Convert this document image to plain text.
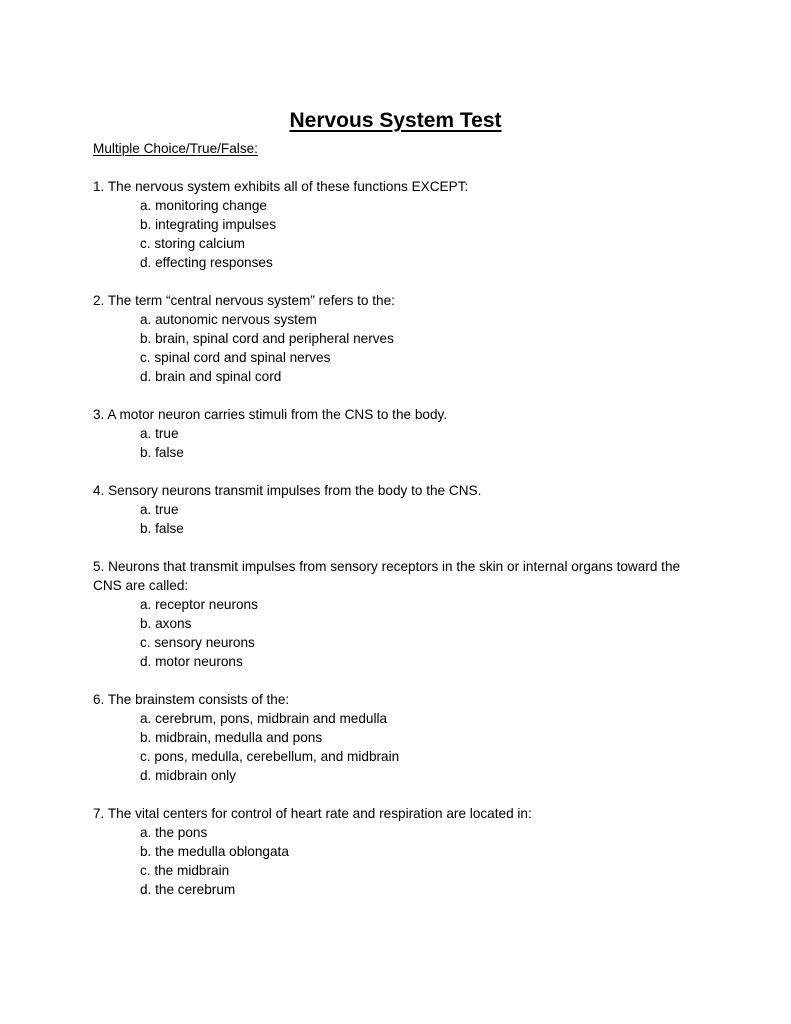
Nervous System Test
Multiple Choice/True/False:

1. The nervous system exhibits all of these functions EXCEPT:

a. monitoring change
b. integrating impulses
c. storing calcium
d. effecting responses

2. The term “central nervous system” refers to the:

a. autonomic nervous system
b. brain, spinal cord and peripheral nerves
c. spinal cord and spinal nerves
d. brain and spinal cord

3. A motor neuron carries stimuli from the CNS to the body.

a. true
b. false

4. Sensory neurons transmit impulses from the body to the CNS.

a. true
b. false

5. Neurons that transmit impulses from sensory receptors in the skin or internal organs toward the CNS are called:

a. receptor neurons
b. axons
c. sensory neurons
d. motor neurons

6. The brainstem consists of the:

a. cerebrum, pons, midbrain and medulla
b. midbrain, medulla and pons
c. pons, medulla, cerebellum, and midbrain
d. midbrain only

7. The vital centers for control of heart rate and respiration are located in:

a. the pons
b. the medulla oblongata
c. the midbrain
d. the cerebrum
